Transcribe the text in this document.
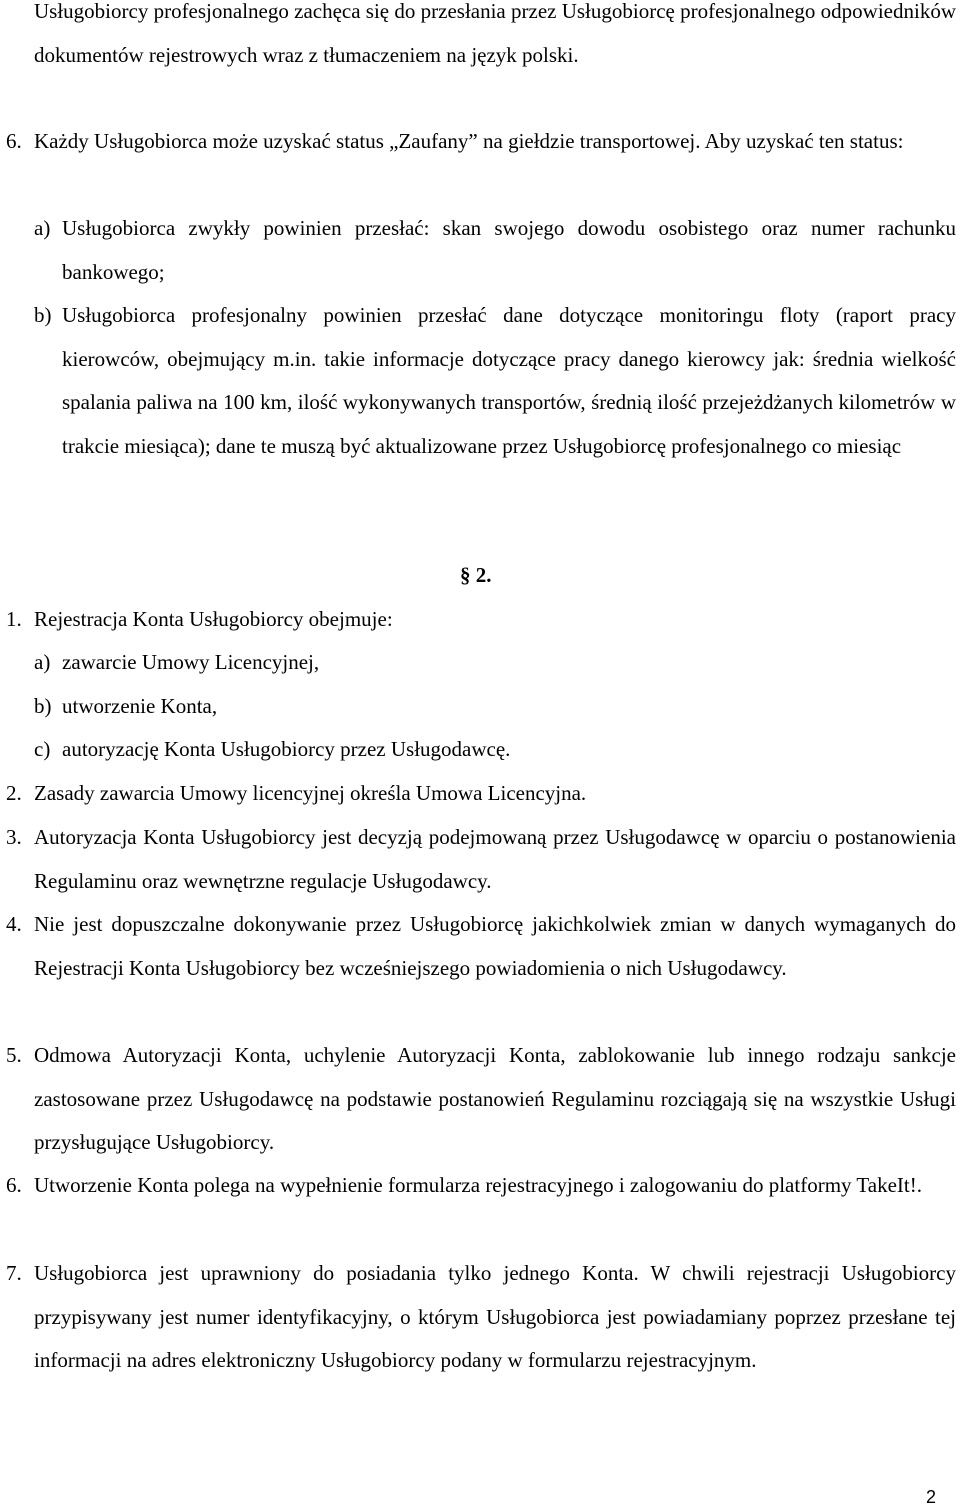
Usługobiorcy profesjonalnego zachęca się do przesłania przez Usługobiorcę profesjonalnego odpowiedników dokumentów rejestrowych wraz z tłumaczeniem na język polski.

6. Każdy Usługobiorca może uzyskać status „Zaufany” na giełdzie transportowej. Aby uzyskać ten status:
a) Usługobiorca zwykły powinien przesłać: skan swojego dowodu osobistego oraz numer rachunku bankowego;
b) Usługobiorca profesjonalny powinien przesłać dane dotyczące monitoringu floty (raport pracy kierowców, obejmujący m.in. takie informacje dotyczące pracy danego kierowcy jak: średnia wielkość spalania paliwa na 100 km, ilość wykonywanych transportów, średnią ilość przejeżdżanych kilometrów w trakcie miesiąca); dane te muszą być aktualizowane przez Usługobiorcę profesjonalnego co miesiąc
§ 2.
1. Rejestracja Konta Usługobiorcy obejmuje:
a) zawarcie Umowy Licencyjnej,
b) utworzenie Konta,
c) autoryzację Konta Usługobiorcy przez Usługodawcę.
2. Zasady zawarcia Umowy licencyjnej określa Umowa Licencyjna.
3. Autoryzacja Konta Usługobiorcy jest decyzją podejmowaną przez Usługodawcę w oparciu o postanowienia Regulaminu oraz wewnętrzne regulacje Usługodawcy.
4. Nie jest dopuszczalne dokonywanie przez Usługobiorcę jakichkolwiek zmian w danych wymaganych do Rejestracji Konta Usługobiorcy bez wcześniejszego powiadomienia o nich Usługodawcy.
5. Odmowa Autoryzacji Konta, uchylenie Autoryzacji Konta, zablokowanie lub innego rodzaju sankcje zastosowane przez Usługodawcę na podstawie postanowień Regulaminu rozciągają się na wszystkie Usługi przysługujące Usługobiorcy.
6. Utworzenie Konta polega na wypełnienie formularza rejestracyjnego i zalogowaniu do platformy TakeIt!.
7. Usługobiorca jest uprawniony do posiadania tylko jednego Konta. W chwili rejestracji Usługobiorcy przypisywany jest numer identyfikacyjny, o którym Usługobiorca jest powiadamiany poprzez przesłane tej informacji na adres elektroniczny Usługobiorcy podany w formularzu rejestracyjnym.
2
